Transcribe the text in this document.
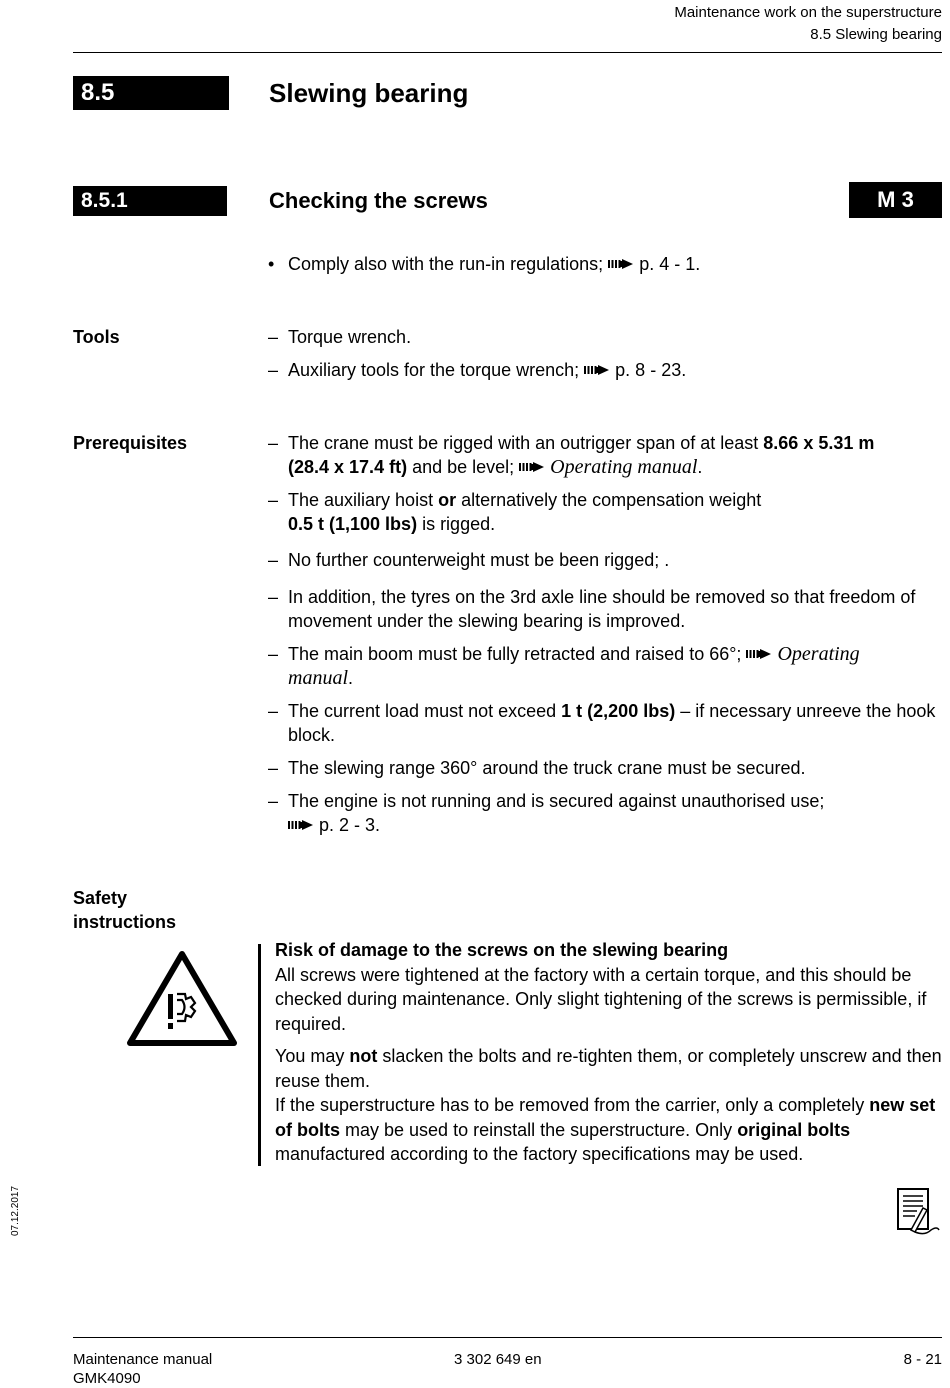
Maintenance work on the superstructure
8.5 Slewing bearing
8.5	Slewing bearing
8.5.1	Checking the screws	M 3
• Comply also with the run-in regulations; p. 4 - 1.
Tools	– Torque wrench.
– Auxiliary tools for the torque wrench; p. 8 - 23.
Prerequisites	– The crane must be rigged with an outrigger span of at least 8.66 x 5.31 m
(28.4 x 17.4 ft) and be level; Operating manual.
– The auxiliary hoist or alternatively the compensation weight
0.5 t (1,100 lbs) is rigged.
– No further counterweight must be been rigged; .
– In addition, the tyres on the 3rd axle line should be removed so that freedom of movement under the slewing bearing is improved.
– The main boom must be fully retracted and raised to 66°; Operating
manual.
– The current load must not exceed 1 t (2,200 lbs) – if necessary unreeve the hook block.
– The slewing range 360° around the truck crane must be secured.
– The engine is not running and is secured against unauthorised use;
p. 2 - 3.
Safety
instructions

Risk of damage to the screws on the slewing bearing

All screws were tightened at the factory with a certain torque, and this should be checked during maintenance. Only slight tightening of the screws is permissible, if required.

You may not slacken the bolts and re-tighten them, or completely unscrew and then reuse them.

If the superstructure has to be removed from the carrier, only a completely new set of bolts may be used to reinstall the superstructure. Only original bolts manufactured according to the factory specifications may be used.

07.12.2017
Maintenance manual
GMK4090
3 302 649 en	8 - 21
